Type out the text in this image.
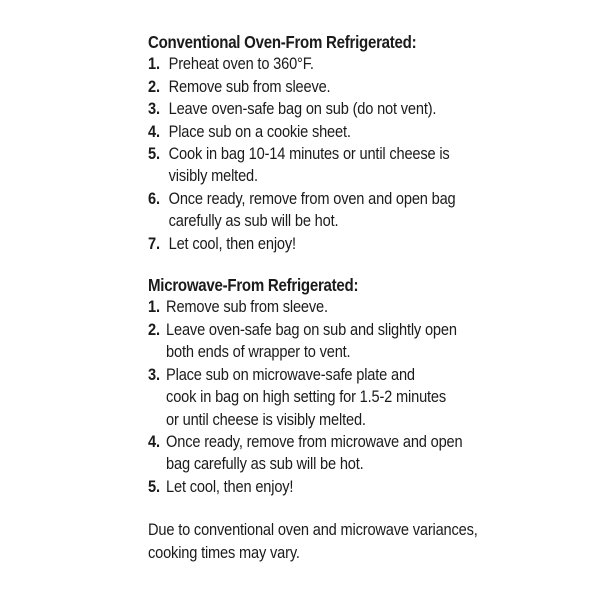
Conventional Oven-From Refrigerated:
1. Preheat oven to 360°F.
2. Remove sub from sleeve.
3. Leave oven-safe bag on sub (do not vent).
4. Place sub on a cookie sheet.
5. Cook in bag 10-14 minutes or until cheese is
visibly melted.
6. Once ready, remove from oven and open bag
carefully as sub will be hot.
7. Let cool, then enjoy!
Microwave-From Refrigerated:
1. Remove sub from sleeve.
2. Leave oven-safe bag on sub and slightly open
both ends of wrapper to vent.
3. Place sub on microwave-safe plate and
cook in bag on high setting for 1.5-2 minutes
or until cheese is visibly melted.
4. Once ready, remove from microwave and open
bag carefully as sub will be hot.
5. Let cool, then enjoy!
Due to conventional oven and microwave variances,
cooking times may vary.
